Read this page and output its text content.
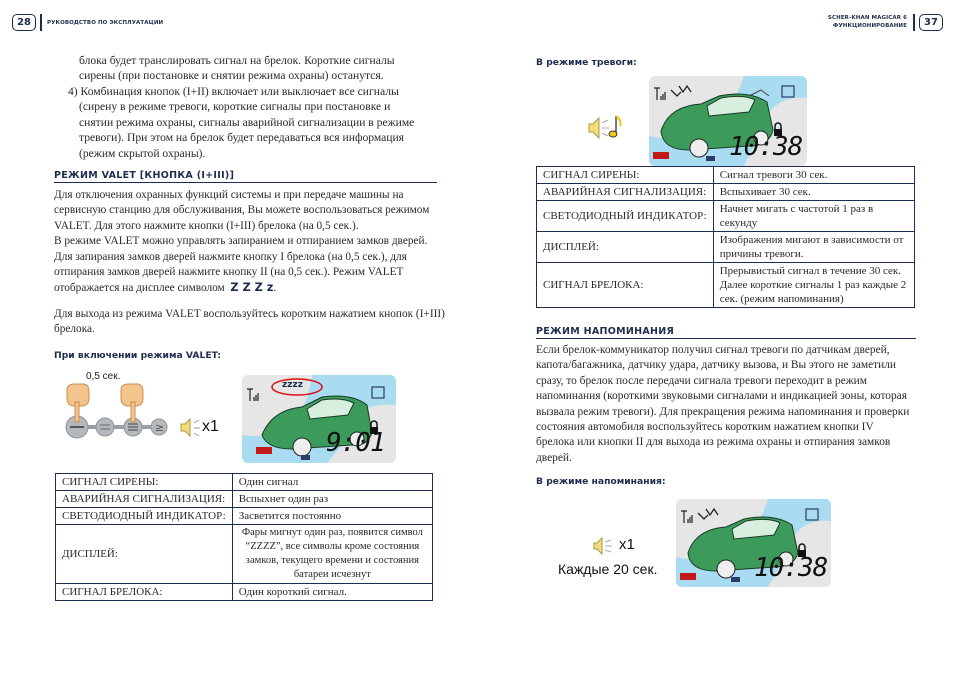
28	РУКОВОДСТВО ПО ЭКСПЛУАТАЦИИ
SCHER-KHAN MAGICAR 6
ФУНКЦИОНИРОВАНИЕ	37
блока будет транслировать сигнал на брелок. Короткие сигналы
сирены (при постановке и снятии режима охраны) останутся.
4) Комбинация кнопок (I+II) включает или выключает все сигналы
(сирену в режиме тревоги, короткие сигналы при постановке и
снятии режима охраны, сигналы аварийной сигнализации в режиме
тревоги). При этом на брелок будет передаваться вся информация
(режим скрытой охраны).
РЕЖИМ VALET [КНОПКА (I+III)]
Для отключения охранных функций системы и при передаче машины на
сервисную станцию для обслуживания, Вы можете воспользоваться режимом
VALET. Для этого нажмите кнопки (I+III) брелока (на 0,5 сек.).
В режиме VALET можно управлять запиранием и отпиранием замков дверей.
Для запирания замков дверей нажмите кнопку I брелока (на 0,5 сек.), для
отпирания замков дверей нажмите кнопку II (на 0,5 сек.). Режим VALET
отображается на дисплее символом Z Z Z z.
Для выхода из режима VALET воспользуйтесь коротким нажатием кнопок (I+III)
брелока.
При включении режима VALET:
0,5 сек.
≥ x1
zzzz
9:01
СИГНАЛ СИРЕНЫ:	Один сигнал
АВАРИЙНАЯ СИГНАЛИЗАЦИЯ:	Вспыхнет один раз
СВЕТОДИОДНЫЙ ИНДИКАТОР:	Засветится постоянно
ДИСПЛЕЙ:	Фары мигнут один раз, появится символ “ZZZZ”, все символы кроме состояния замков, текущего времени и состояния батареи исчезнут
СИГНАЛ БРЕЛОКА:	Один короткий сигнал.
В режиме тревоги:
10:38
СИГНАЛ СИРЕНЫ:	Сигнал тревоги 30 сек.
АВАРИЙНАЯ СИГНАЛИЗАЦИЯ:	Вспыхивает 30 сек.
СВЕТОДИОДНЫЙ ИНДИКАТОР:	Начнет мигать с частотой 1 раз в секунду
ДИСПЛЕЙ:	Изображения мигают в зависимости от причины тревоги.
СИГНАЛ БРЕЛОКА:	Прерывистый сигнал в течение 30 сек. Далее короткие сигналы 1 раз каждые 2 сек. (режим напоминания)
РЕЖИМ НАПОМИНАНИЯ
Если брелок-коммуникатор получил сигнал тревоги по датчикам дверей,
капота/багажника, датчику удара, датчику вызова, и Вы этого не заметили
сразу, то брелок после передачи сигнала тревоги переходит в режим
напоминания (короткими звуковыми сигналами и индикацией зоны, которая
вызвала режим тревоги). Для прекращения режима напоминания и проверки
состояния автомобиля воспользуйтесь коротким нажатием кнопки IV
брелока или кнопки II для выхода из режима охраны и отпирания замков
дверей.
В режиме напоминания:
x1
Каждые 20 сек.	10:38
